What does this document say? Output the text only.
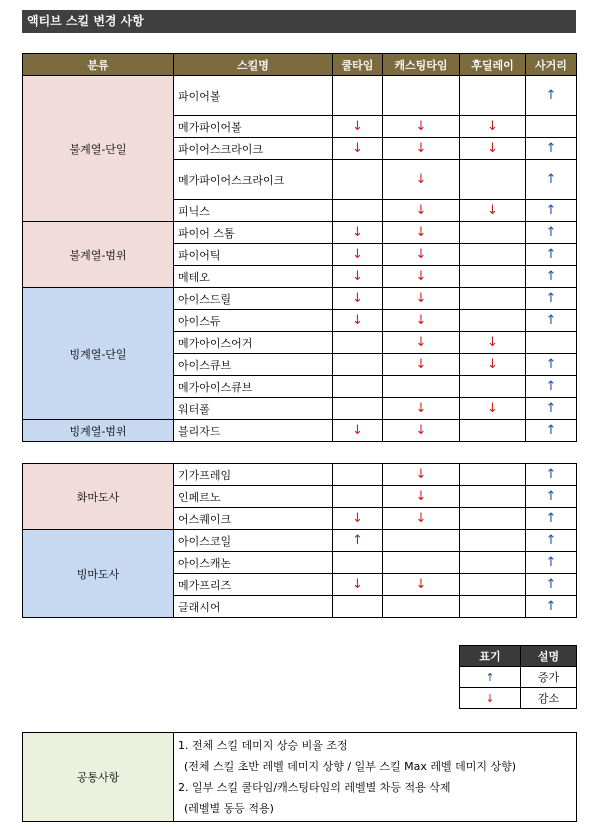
액티브 스킬 변경 사항
분류	스킬명	쿨타임	캐스팅타임	후딜레이	사거리
불계열-단일	파이어볼				↑
	메가파이어볼	↓	↓	↓	
	파이어스크라이크	↓	↓	↓	↑
	메가파이어스크라이크		↓		↑
	피닉스		↓	↓	↑
불계열-범위	파이어 스톰	↓	↓		↑
	파이어틱	↓	↓		↑
	메테오	↓	↓		↑
빙계열-단일	아이스드릴	↓	↓		↑
	아이스듀	↓	↓		↑
	메가아이스어거		↓	↓	
	아이스큐브		↓	↓	↑
	메가아이스큐브				↑
	워터폴		↓	↓	↑
빙계열-범위	블리자드	↓	↓		↑

화마도사	기가프레임		↓		↑
	인페르노		↓		↑
	어스퀘이크	↓	↓		↑
빙마도사	아이스코일	↑			↑
	아이스캐논				↑
	메가프리즈	↓	↓		↑
	글래시어				↑
표기	설명
↑	증가
↓	감소
공통사항	
1. 전체 스킬 데미지 상승 비율 조정
(전체 스킬 초반 레벨 데미지 상향 / 일부 스킬 Max 레벨 데미지 상향)
2. 일부 스킬 쿨타임/캐스팅타임의 레벨별 차등 적용 삭제
(레벨별 동등 적용)
